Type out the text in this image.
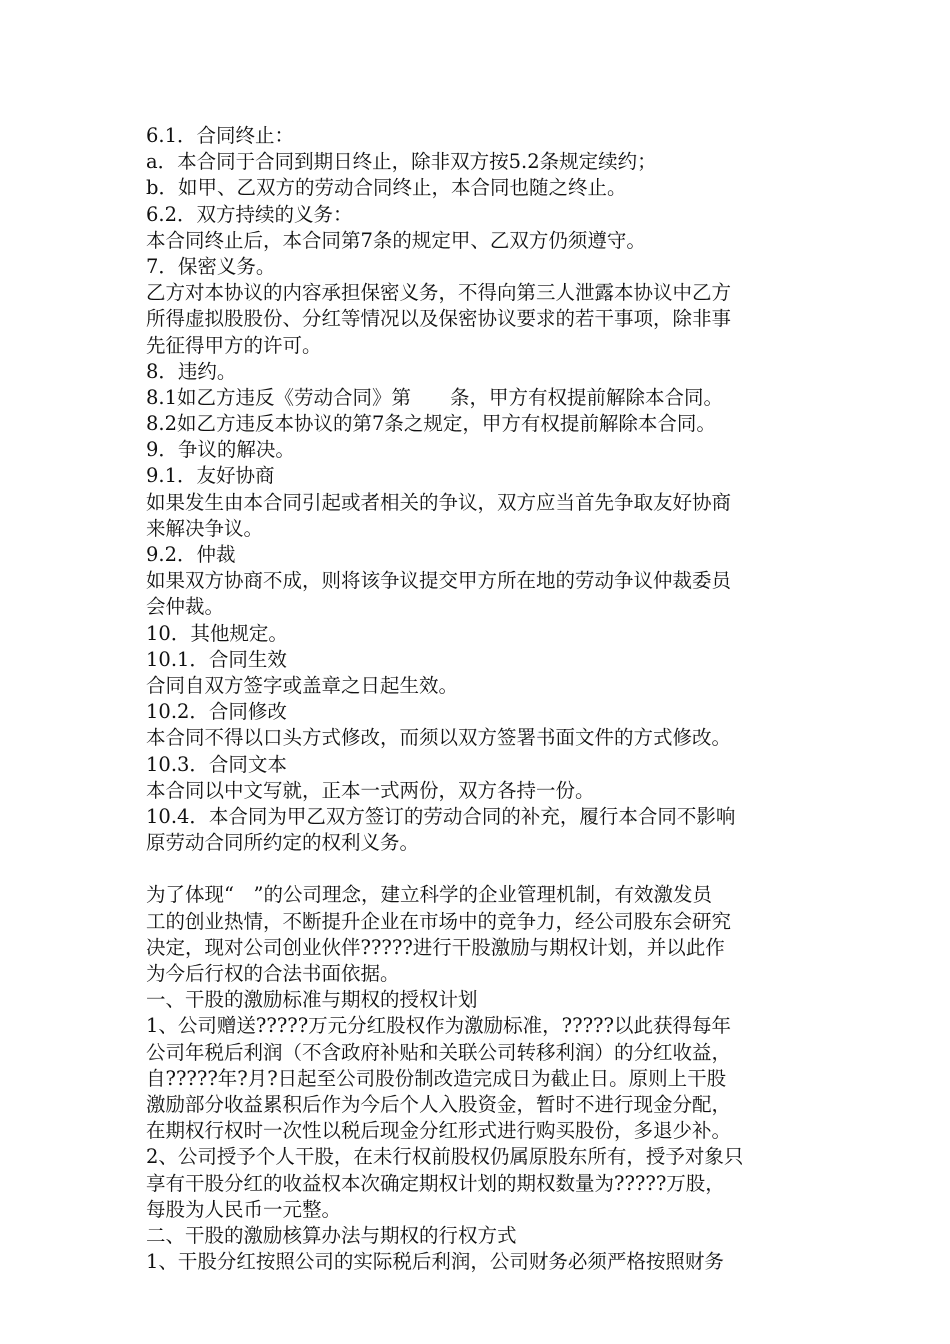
6.1．合同终止：
a．本合同于合同到期日终止，除非双方按5.2条规定续约；
b．如甲、乙双方的劳动合同终止，本合同也随之终止。
6.2．双方持续的义务：
本合同终止后，本合同第7条的规定甲、乙双方仍须遵守。
7．保密义务。
乙方对本协议的内容承担保密义务，不得向第三人泄露本协议中乙方
所得虚拟股股份、分红等情况以及保密协议要求的若干事项，除非事
先征得甲方的许可。
8．违约。
8.1如乙方违反《劳动合同》第　　条，甲方有权提前解除本合同。
8.2如乙方违反本协议的第7条之规定，甲方有权提前解除本合同。
9．争议的解决。
9.1．友好协商
如果发生由本合同引起或者相关的争议，双方应当首先争取友好协商
来解决争议。
9.2．仲裁
如果双方协商不成，则将该争议提交甲方所在地的劳动争议仲裁委员
会仲裁。
10．其他规定。
10.1．合同生效
合同自双方签字或盖章之日起生效。
10.2．合同修改
本合同不得以口头方式修改，而须以双方签署书面文件的方式修改。
10.3．合同文本
本合同以中文写就，正本一式两份，双方各持一份。
10.4．本合同为甲乙双方签订的劳动合同的补充，履行本合同不影响
原劳动合同所约定的权利义务。
为了体现“　”的公司理念，建立科学的企业管理机制，有效激发员
工的创业热情，不断提升企业在市场中的竞争力，经公司股东会研究
决定，现对公司创业伙伴?????进行干股激励与期权计划，并以此作
为今后行权的合法书面依据。
一、干股的激励标准与期权的授权计划
1、公司赠送?????万元分红股权作为激励标准，?????以此获得每年
公司年税后利润（不含政府补贴和关联公司转移利润）的分红收益，
自?????年?月?日起至公司股份制改造完成日为截止日。原则上干股
激励部分收益累积后作为今后个人入股资金，暂时不进行现金分配，
在期权行权时一次性以税后现金分红形式进行购买股份，多退少补。
2、公司授予个人干股，在未行权前股权仍属原股东所有，授予对象只
享有干股分红的收益权本次确定期权计划的期权数量为?????万股，
每股为人民币一元整。
二、干股的激励核算办法与期权的行权方式
1、干股分红按照公司的实际税后利润，公司财务必须严格按照财务
